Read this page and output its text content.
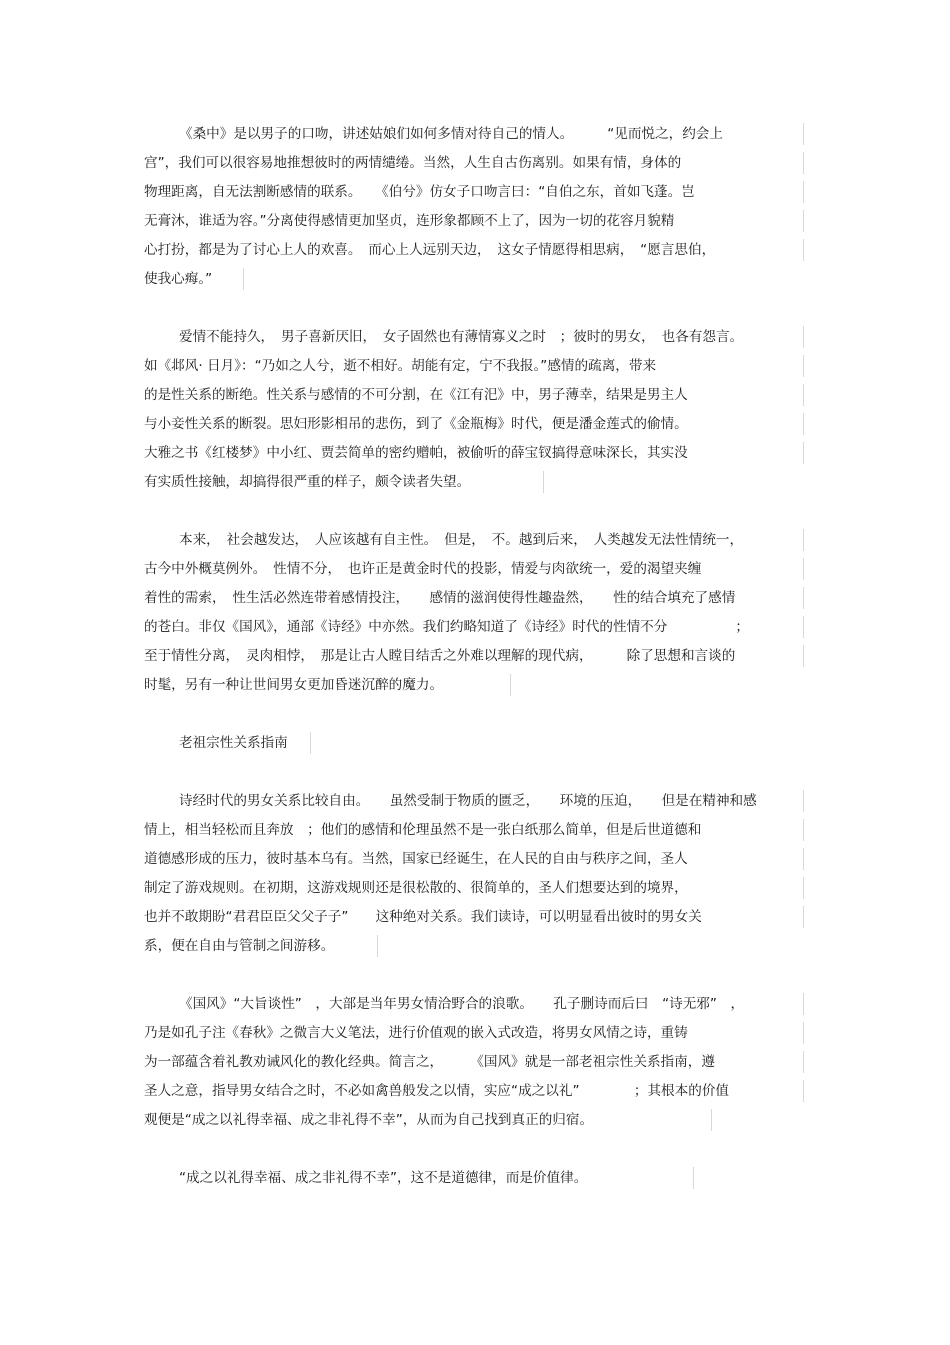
《桑中》是以男子的口吻，讲述姑娘们如何多情对待自己的情人。　　　“见而悦之，约会上
宫”，我们可以很容易地推想彼时的两情缱绻。当然，人生自古伤离别。如果有情，身体的
物理距离，自无法割断感情的联系。　　《伯兮》仿女子口吻言曰：“自伯之东，首如飞蓬。岂
无膏沐，谁适为容。”分离使得感情更加坚贞，连形象都顾不上了，因为一切的花容月貌精
心打扮，都是为了讨心上人的欢喜。　而心上人远别天边，　这女子情愿得相思病，　“愿言思伯，
使我心痗。”
爱情不能持久，　男子喜新厌旧，　女子固然也有薄情寡义之时　；彼时的男女，　也各有怨言。
如《邶风· 日月》：“乃如之人兮，逝不相好。胡能有定，宁不我报。”感情的疏离，带来
的是性关系的断绝。性关系与感情的不可分割，在《江有汜》中，男子薄幸，结果是男主人
与小妾性关系的断裂。思妇形影相吊的悲伤，到了《金瓶梅》时代，便是潘金莲式的偷情。
大雅之书《红楼梦》中小红、贾芸简单的密约赠帕，被偷听的薛宝钗搞得意味深长，其实没
有实质性接触，却搞得很严重的样子，颇令读者失望。
本来，　社会越发达，　人应该越有自主性。　但是，　不。越到后来，　人类越发无法性情统一，
古今中外概莫例外。　性情不分，　也许正是黄金时代的投影，情爱与肉欲统一，爱的渴望夹缠
着性的需索，　性生活必然连带着感情投注，　　感情的滋润使得性趣盎然，　　性的结合填充了感情
的苍白。非仅《国风》，通部《诗经》中亦然。我们约略知道了《诗经》时代的性情不分　　　　　；
至于情性分离，　灵肉相悖，　那是让古人瞠目结舌之外难以理解的现代病，　　　除了思想和言谈的
时髦，另有一种让世间男女更加昏迷沉醉的魔力。
老祖宗性关系指南
诗经时代的男女关系比较自由。　　虽然受制于物质的匮乏，　　环境的压迫，　　但是在精神和感
情上，相当轻松而且奔放　；他们的感情和伦理虽然不是一张白纸那么简单，但是后世道德和
道德感形成的压力，彼时基本乌有。当然，国家已经诞生，在人民的自由与秩序之间，圣人
制定了游戏规则。在初期，这游戏规则还是很松散的、很简单的，圣人们想要达到的境界，
也并不敢期盼“君君臣臣父父子子”　　这种绝对关系。我们读诗，可以明显看出彼时的男女关
系，便在自由与管制之间游移。
《国风》“大旨谈性”　，大部是当年男女情洽野合的浪歌。　　孔子删诗而后曰　“诗无邪”　，
乃是如孔子注《春秋》之微言大义笔法，进行价值观的嵌入式改造，将男女风情之诗，重铸
为一部蕴含着礼教劝诫风化的教化经典。简言之，　　　《国风》就是一部老祖宗性关系指南，遵
圣人之意，指导男女结合之时，不必如禽兽般发之以情，实应“成之以礼”　　　　；其根本的价值
观便是“成之以礼得幸福、成之非礼得不幸”，从而为自己找到真正的归宿。
“成之以礼得幸福、成之非礼得不幸”，这不是道德律，而是价值律。
